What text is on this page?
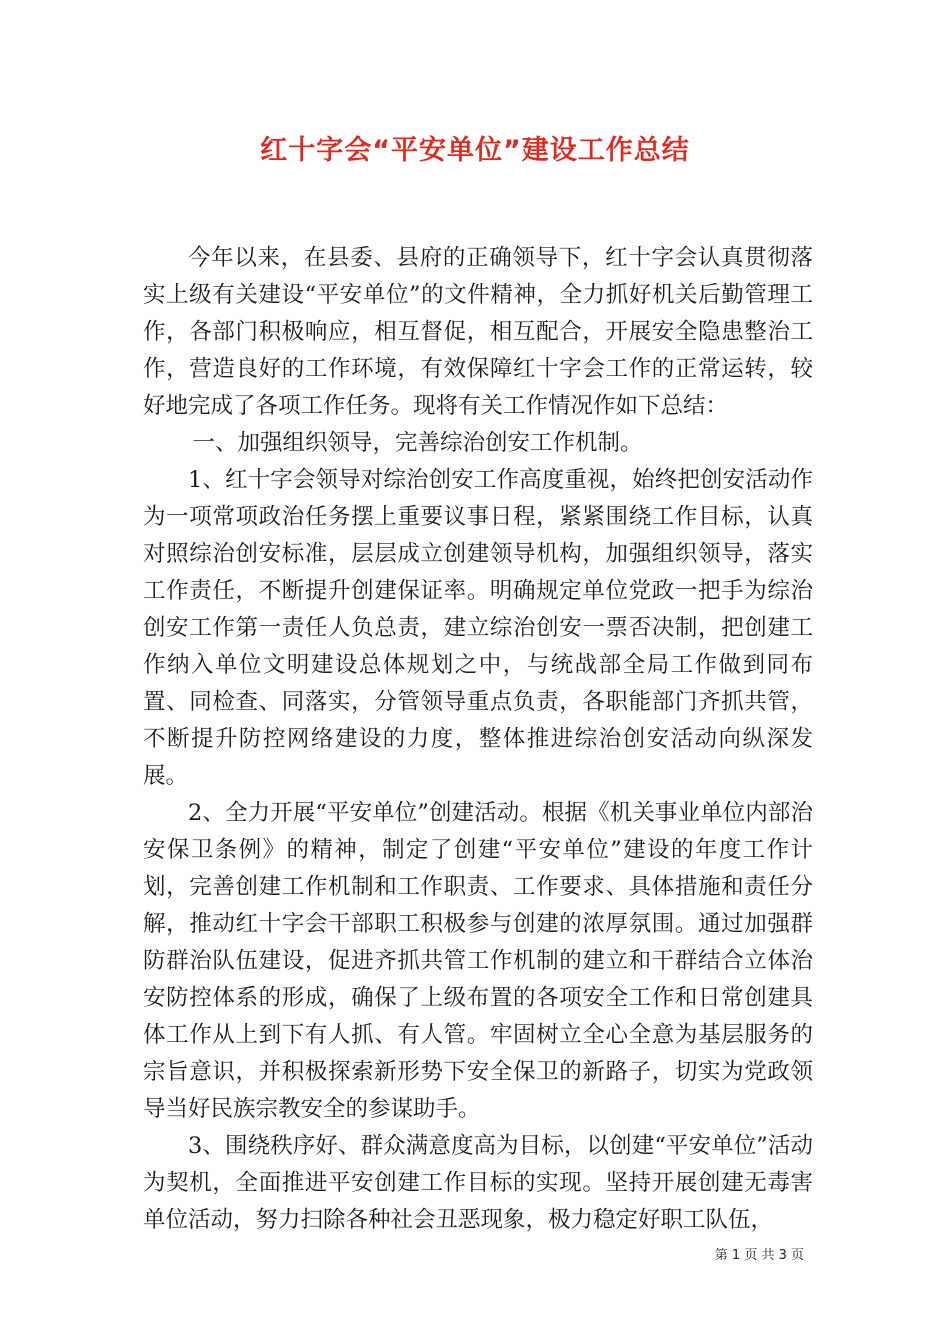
红十字会“平安单位”建设工作总结

今年以来，在县委、县府的正确领导下，红十字会认真贯彻落实上级有关建设“平安单位”的文件精神，全力抓好机关后勤管理工作，各部门积极响应，相互督促，相互配合，开展安全隐患整治工作，营造良好的工作环境，有效保障红十字会工作的正常运转，较好地完成了各项工作任务。现将有关工作情况作如下总结：

一、加强组织领导，完善综治创安工作机制。

1、红十字会领导对综治创安工作高度重视，始终把创安活动作为一项常项政治任务摆上重要议事日程，紧紧围绕工作目标，认真对照综治创安标准，层层成立创建领导机构，加强组织领导，落实工作责任，不断提升创建保证率。明确规定单位党政一把手为综治创安工作第一责任人负总责，建立综治创安一票否决制，把创建工作纳入单位文明建设总体规划之中，与统战部全局工作做到同布置、同检查、同落实，分管领导重点负责，各职能部门齐抓共管，不断提升防控网络建设的力度，整体推进综治创安活动向纵深发展。

2、全力开展“平安单位”创建活动。根据《机关事业单位内部治安保卫条例》的精神，制定了创建“平安单位”建设的年度工作计划，完善创建工作机制和工作职责、工作要求、具体措施和责任分解，推动红十字会干部职工积极参与创建的浓厚氛围。通过加强群防群治队伍建设，促进齐抓共管工作机制的建立和干群结合立体治安防控体系的形成，确保了上级布置的各项安全工作和日常创建具体工作从上到下有人抓、有人管。牢固树立全心全意为基层服务的宗旨意识，并积极探索新形势下安全保卫的新路子，切实为党政领导当好民族宗教安全的参谋助手。

3、围绕秩序好、群众满意度高为目标，以创建“平安单位”活动为契机，全面推进平安创建工作目标的实现。坚持开展创建无毒害单位活动，努力扫除各种社会丑恶现象，极力稳定好职工队伍，

第 1 页 共 3 页
